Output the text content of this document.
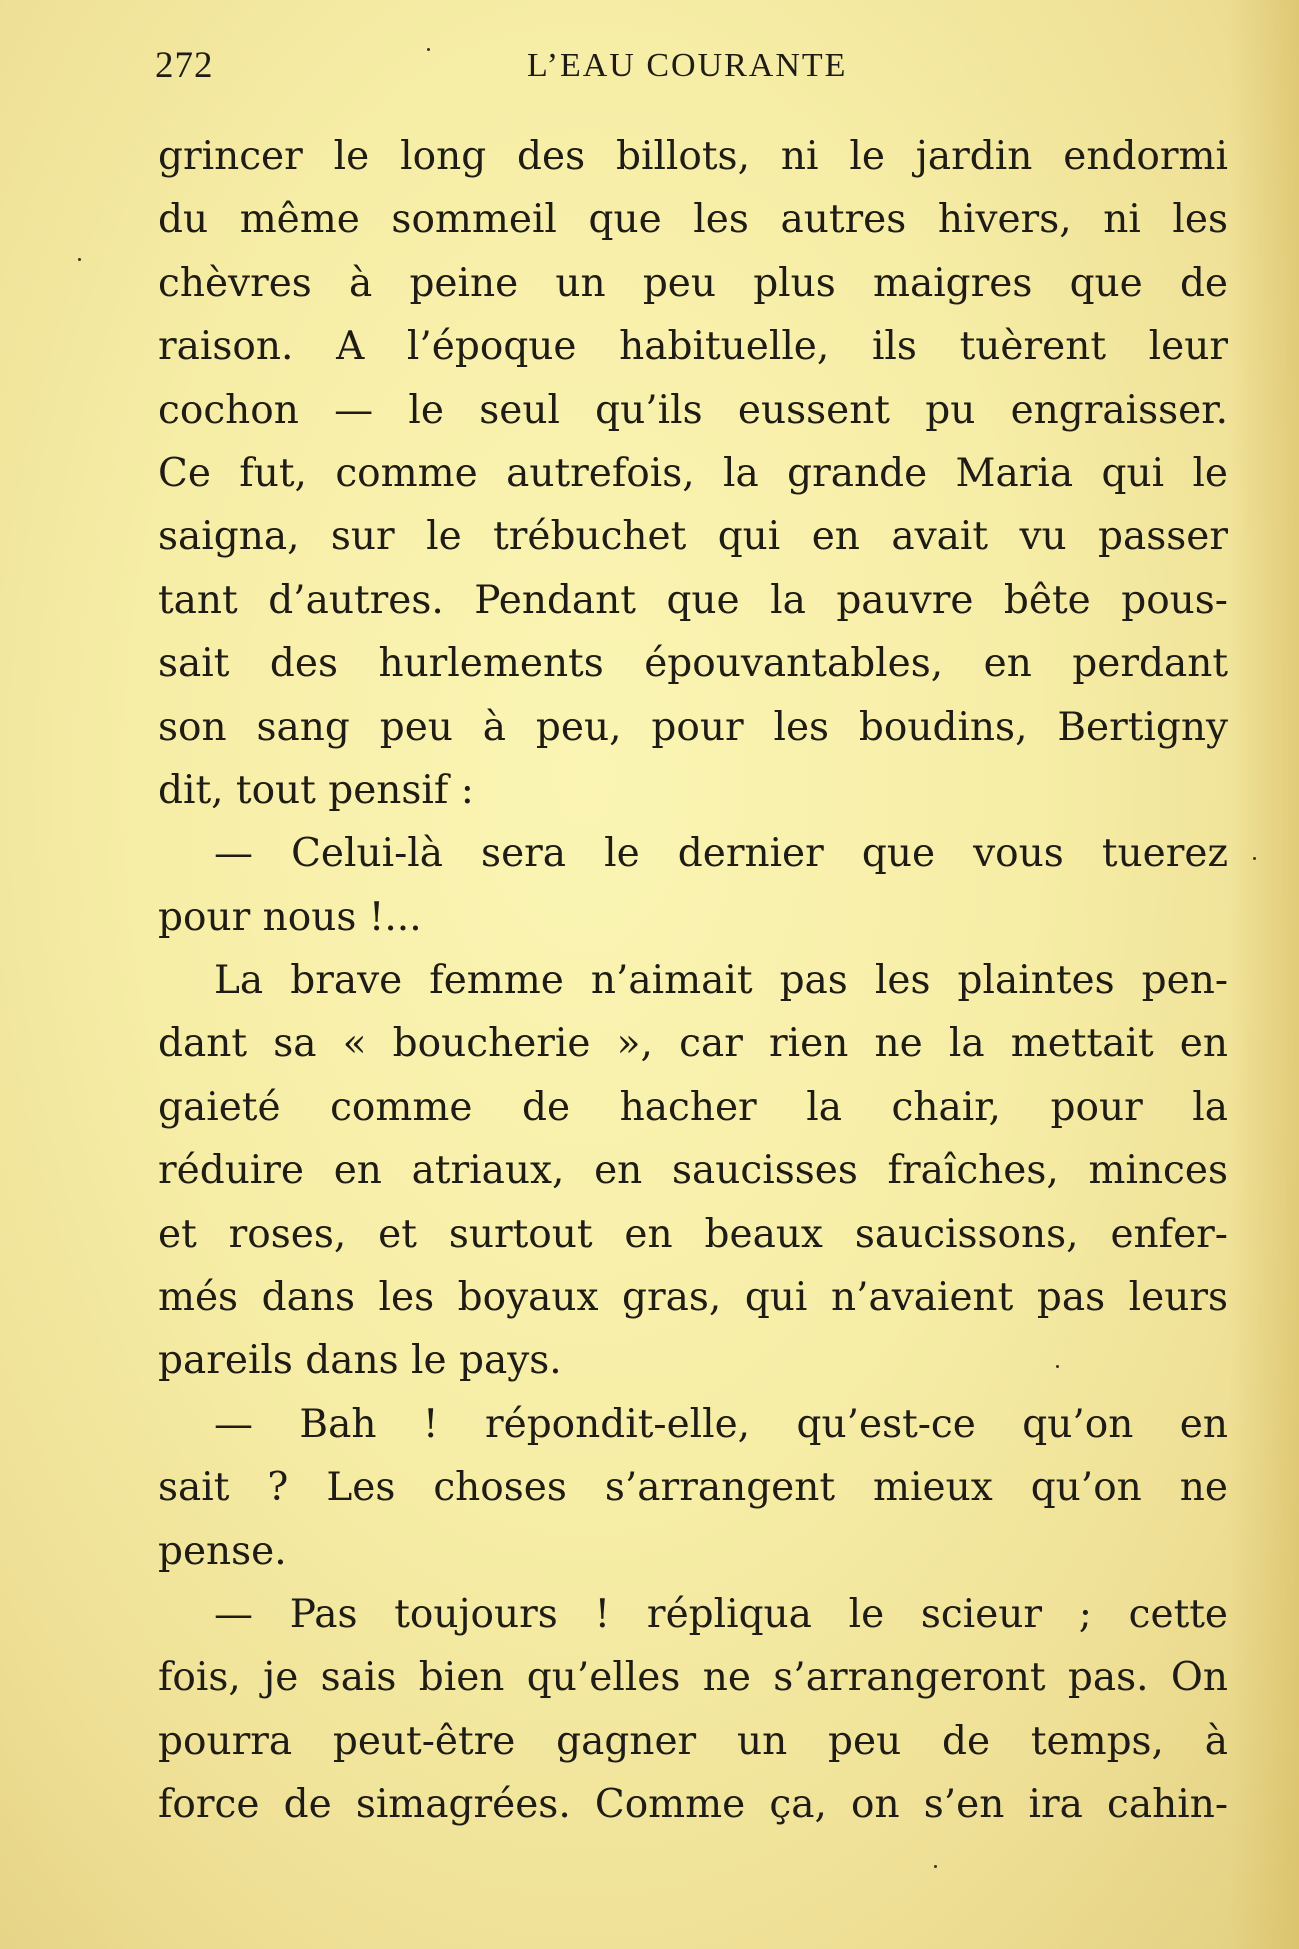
272	L’EAU COURANTE
grincer le long des billots, ni le jardin endormi
du même sommeil que les autres hivers, ni les
chèvres à peine un peu plus maigres que de
raison. A l’époque habituelle, ils tuèrent leur
cochon — le seul qu’ils eussent pu engraisser.
Ce fut, comme autrefois, la grande Maria qui le
saigna, sur le trébuchet qui en avait vu passer
tant d’autres. Pendant que la pauvre bête pous-
sait des hurlements épouvantables, en perdant
son sang peu à peu, pour les boudins, Bertigny
dit, tout pensif :
— Celui-là sera le dernier que vous tuerez
pour nous !...
La brave femme n’aimait pas les plaintes pen-
dant sa « boucherie », car rien ne la mettait en
gaieté comme de hacher la chair, pour la
réduire en atriaux, en saucisses fraîches, minces
et roses, et surtout en beaux saucissons, enfer-
més dans les boyaux gras, qui n’avaient pas leurs
pareils dans le pays.
— Bah ! répondit-elle, qu’est-ce qu’on en
sait ? Les choses s’arrangent mieux qu’on ne
pense.
— Pas toujours ! répliqua le scieur ; cette
fois, je sais bien qu’elles ne s’arrangeront pas. On
pourra peut-être gagner un peu de temps, à
force de simagrées. Comme ça, on s’en ira cahin-
